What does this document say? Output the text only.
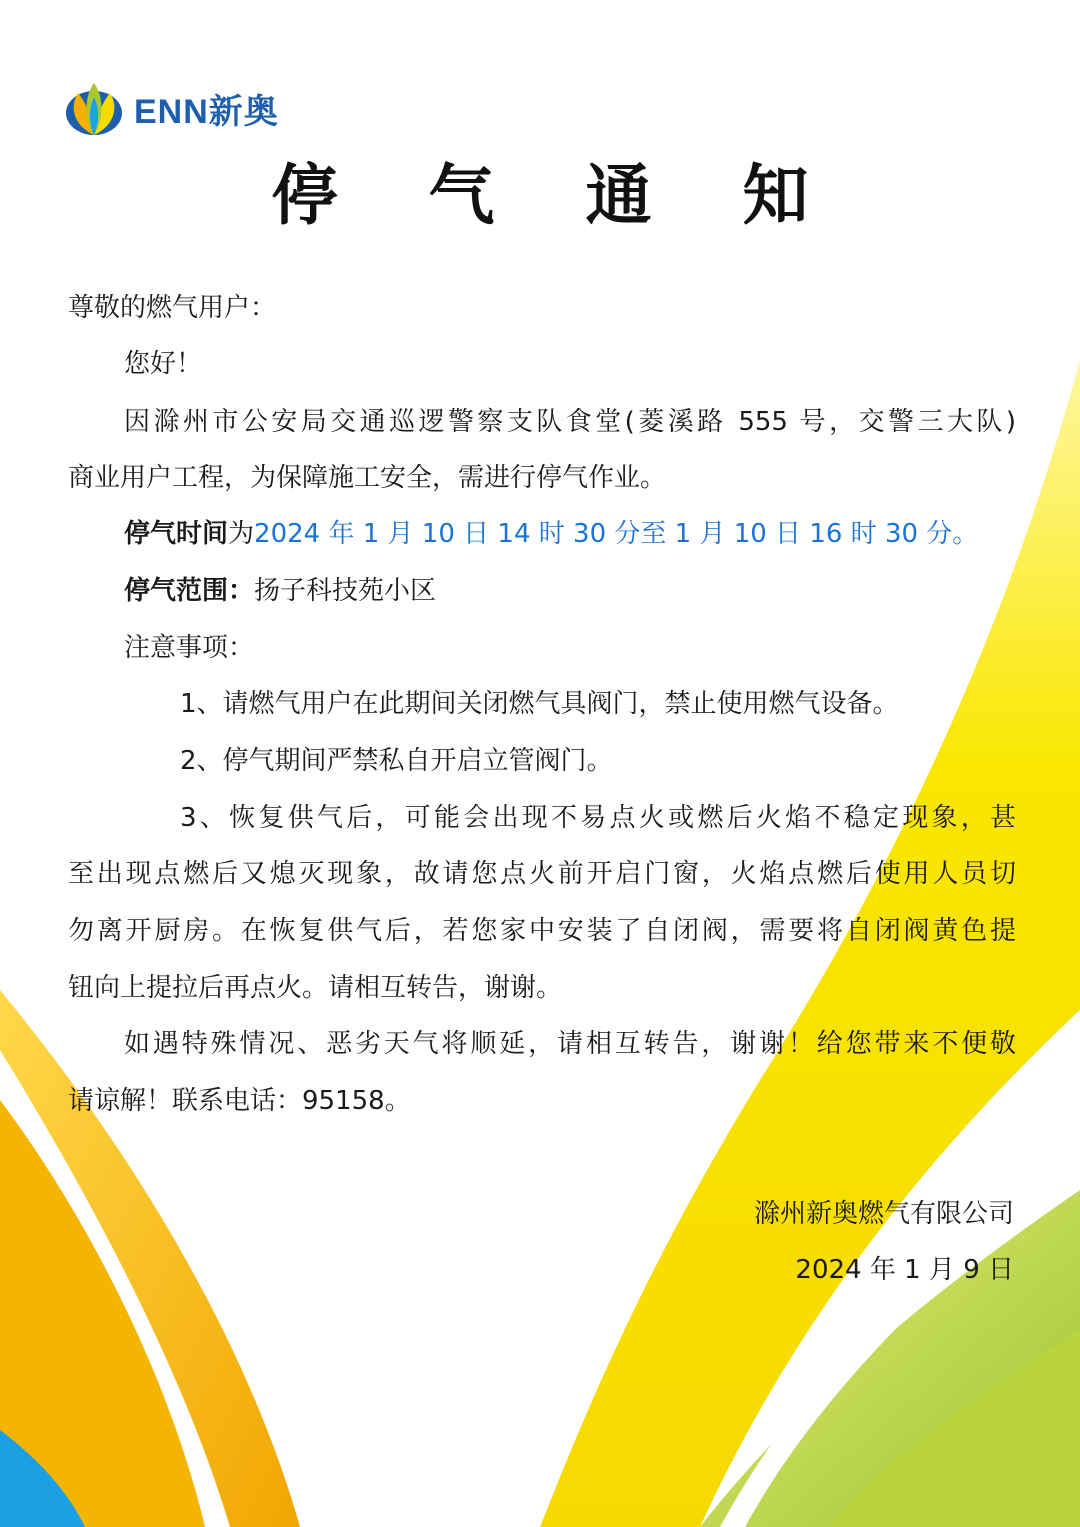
ENN新奥
停 气 通 知
尊敬的燃气用户：
您好！
因滁州市公安局交通巡逻警察支队食堂(菱溪路 555 号，交警三大队)
商业用户工程，为保障施工安全，需进行停气作业。
停气时间为2024 年 1 月 10 日 14 时 30 分至 1 月 10 日 16 时 30 分。
停气范围：扬子科技苑小区
注意事项：
1、请燃气用户在此期间关闭燃气具阀门，禁止使用燃气设备。
2、停气期间严禁私自开启立管阀门。
3、恢复供气后，可能会出现不易点火或燃后火焰不稳定现象，甚
至出现点燃后又熄灭现象，故请您点火前开启门窗，火焰点燃后使用人员切
勿离开厨房。在恢复供气后，若您家中安装了自闭阀，需要将自闭阀黄色提
钮向上提拉后再点火。请相互转告，谢谢。
如遇特殊情况、恶劣天气将顺延，请相互转告，谢谢！给您带来不便敬
请谅解！联系电话：95158。
滁州新奥燃气有限公司
2024 年 1 月 9 日
